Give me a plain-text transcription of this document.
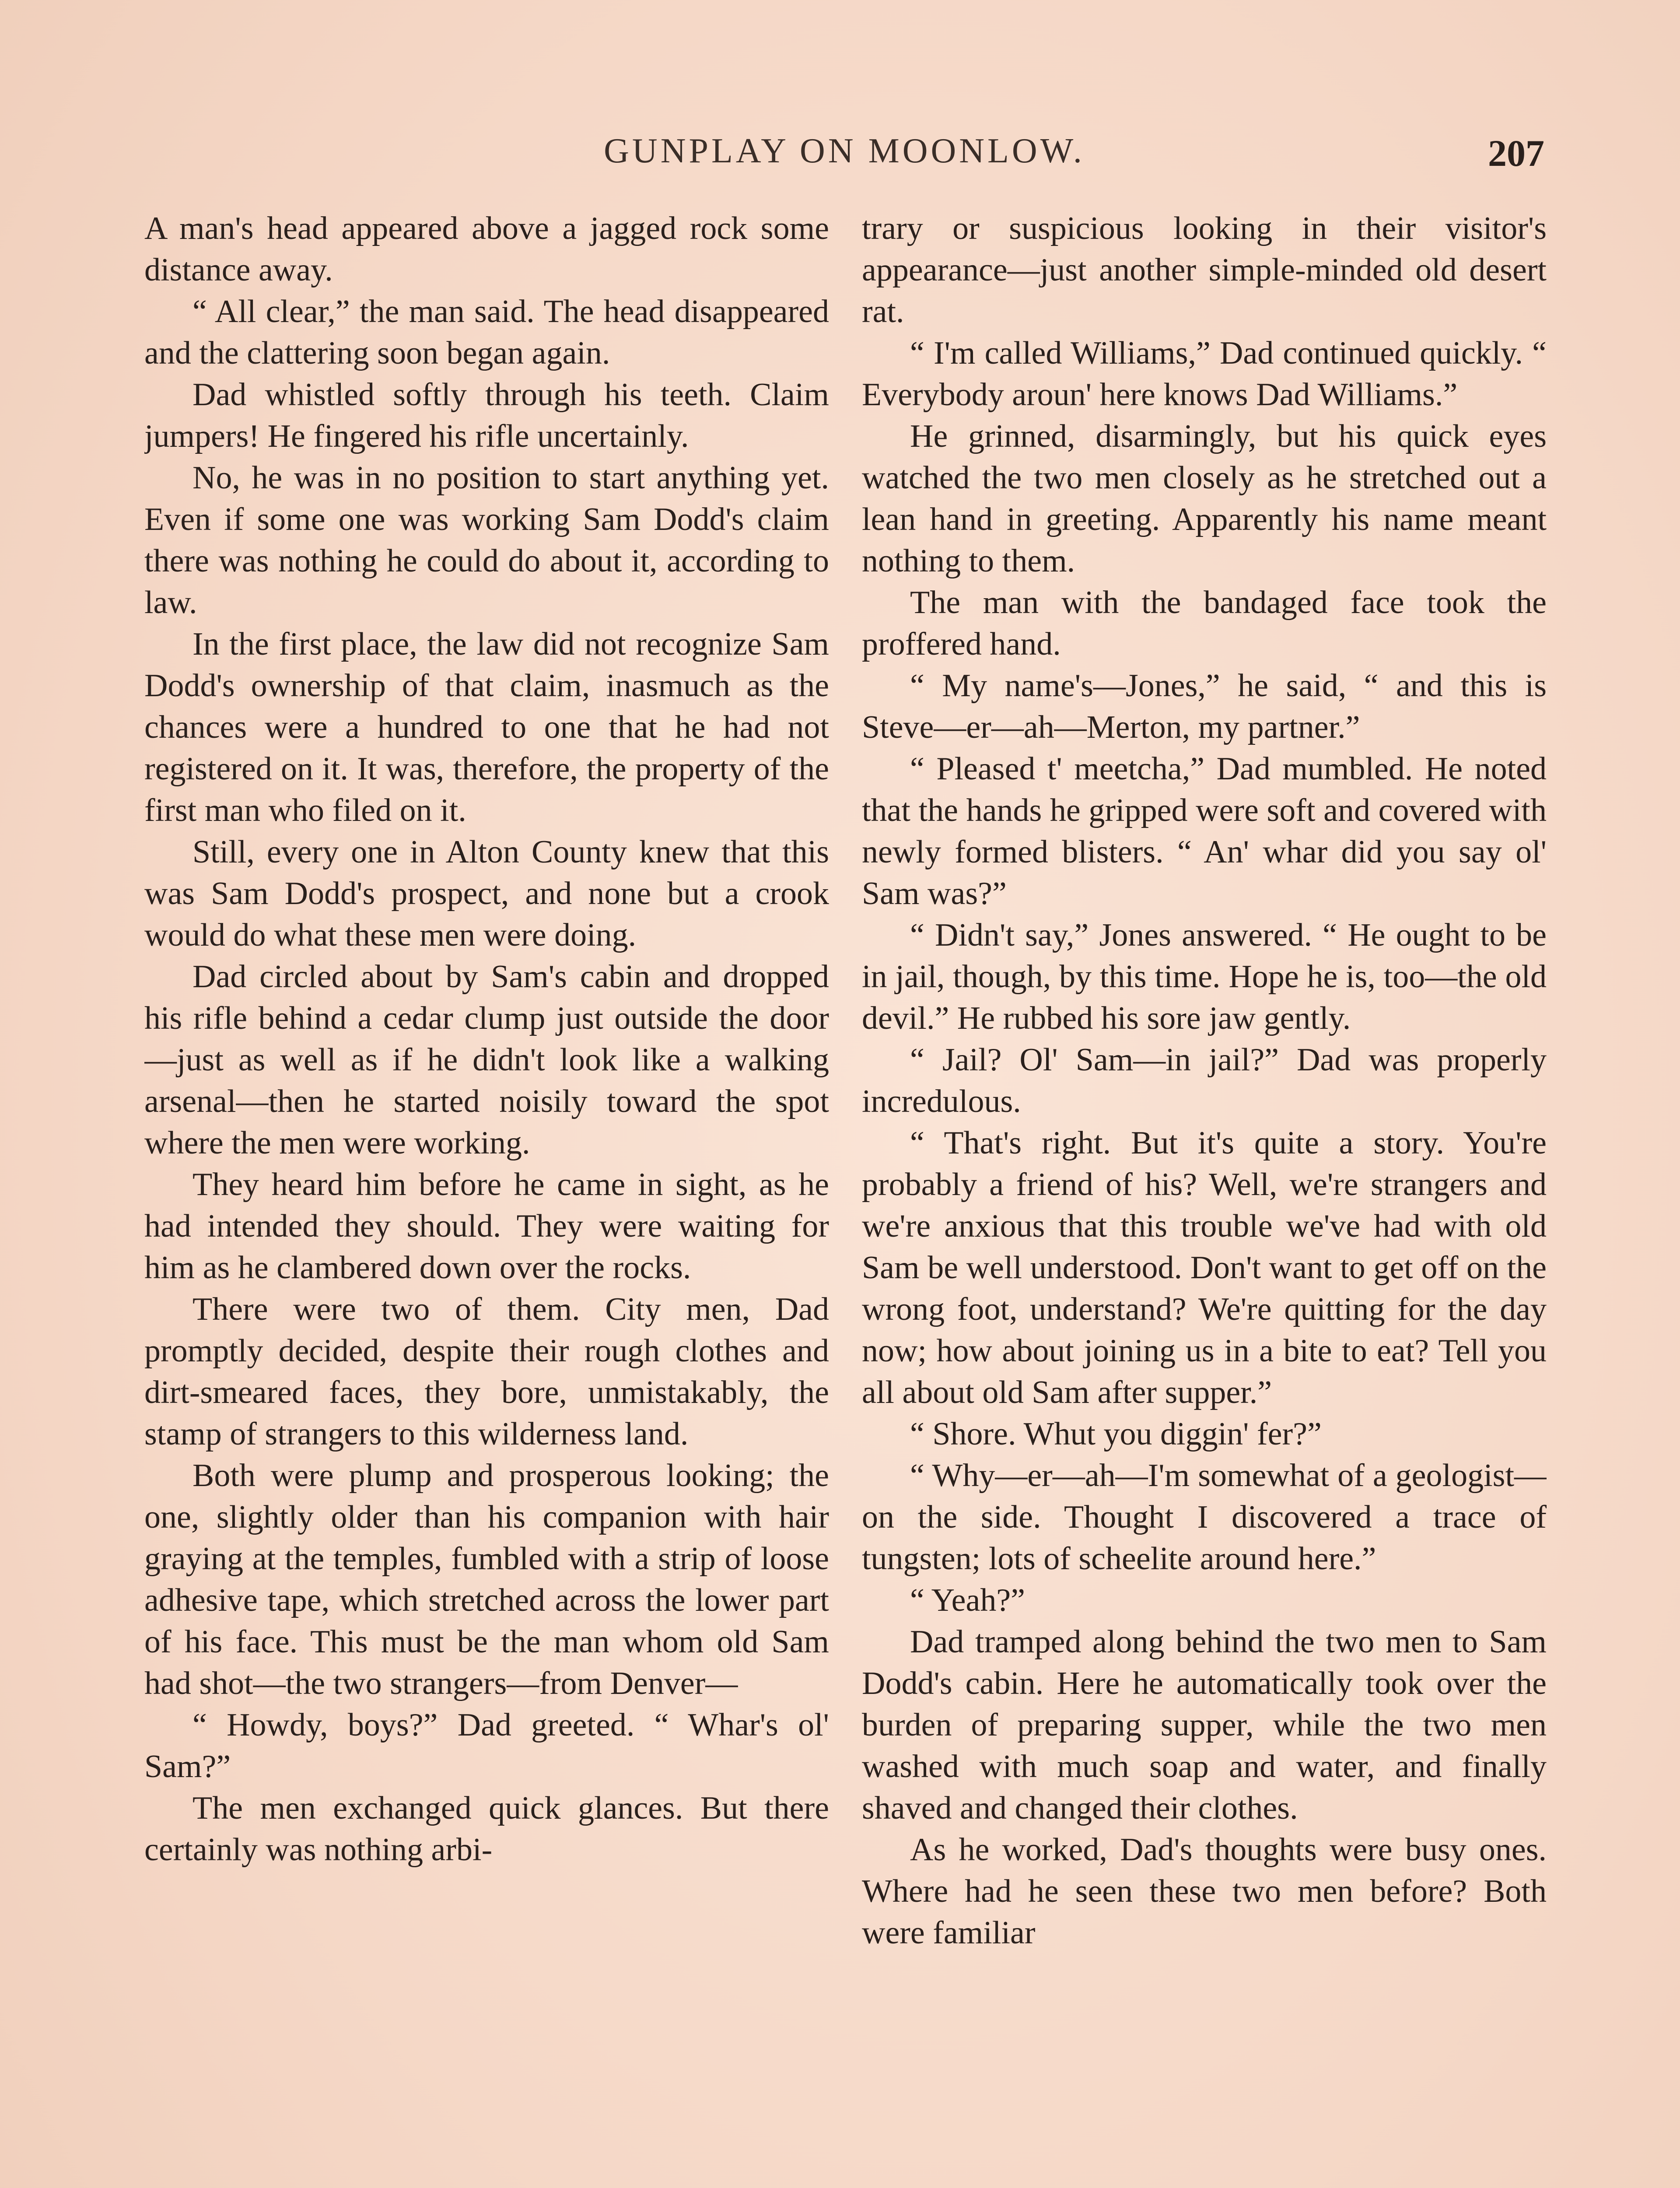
GUNPLAY ON MOONLOW.	207

A man's head appeared above a jagged rock some distance away.

“ All clear,” the man said. The head disappeared and the clattering soon began again.

Dad whistled softly through his teeth. Claim jumpers! He fingered his rifle uncertainly.

No, he was in no position to start anything yet. Even if some one was working Sam Dodd's claim there was nothing he could do about it, according to law.

In the first place, the law did not recognize Sam Dodd's ownership of that claim, inasmuch as the chances were a hundred to one that he had not registered on it. It was, therefore, the property of the first man who filed on it.

Still, every one in Alton County knew that this was Sam Dodd's prospect, and none but a crook would do what these men were doing.

Dad circled about by Sam's cabin and dropped his rifle behind a cedar clump just outside the door—just as well as if he didn't look like a walking arsenal—then he started noisily toward the spot where the men were working.

They heard him before he came in sight, as he had intended they should. They were waiting for him as he clambered down over the rocks.

There were two of them. City men, Dad promptly decided, despite their rough clothes and dirt-smeared faces, they bore, unmistakably, the stamp of strangers to this wilderness land.

Both were plump and prosperous looking; the one, slightly older than his companion with hair graying at the temples, fumbled with a strip of loose adhesive tape, which stretched across the lower part of his face. This must be the man whom old Sam had shot—the two strangers—from Denver—

“ Howdy, boys?” Dad greeted. “ Whar's ol' Sam?”

The men exchanged quick glances. But there certainly was nothing arbi-

trary or suspicious looking in their visitor's appearance—just another simple-minded old desert rat.

“ I'm called Williams,” Dad continued quickly. “ Everybody aroun' here knows Dad Williams.”

He grinned, disarmingly, but his quick eyes watched the two men closely as he stretched out a lean hand in greeting. Apparently his name meant nothing to them.

The man with the bandaged face took the proffered hand.

“ My name's—Jones,” he said, “ and this is Steve—er—ah—Merton, my partner.”

“ Pleased t' meetcha,” Dad mumbled. He noted that the hands he gripped were soft and covered with newly formed blisters. “ An' whar did you say ol' Sam was?”

“ Didn't say,” Jones answered. “ He ought to be in jail, though, by this time. Hope he is, too—the old devil.” He rubbed his sore jaw gently.

“ Jail? Ol' Sam—in jail?” Dad was properly incredulous.

“ That's right. But it's quite a story. You're probably a friend of his? Well, we're strangers and we're anxious that this trouble we've had with old Sam be well understood. Don't want to get off on the wrong foot, understand? We're quitting for the day now; how about joining us in a bite to eat? Tell you all about old Sam after supper.”

“ Shore. Whut you diggin' fer?”

“ Why—er—ah—I'm somewhat of a geologist—on the side. Thought I discovered a trace of tungsten; lots of scheelite around here.”

“ Yeah?”

Dad tramped along behind the two men to Sam Dodd's cabin. Here he automatically took over the burden of preparing supper, while the two men washed with much soap and water, and finally shaved and changed their clothes.

As he worked, Dad's thoughts were busy ones. Where had he seen these two men before? Both were familiar
